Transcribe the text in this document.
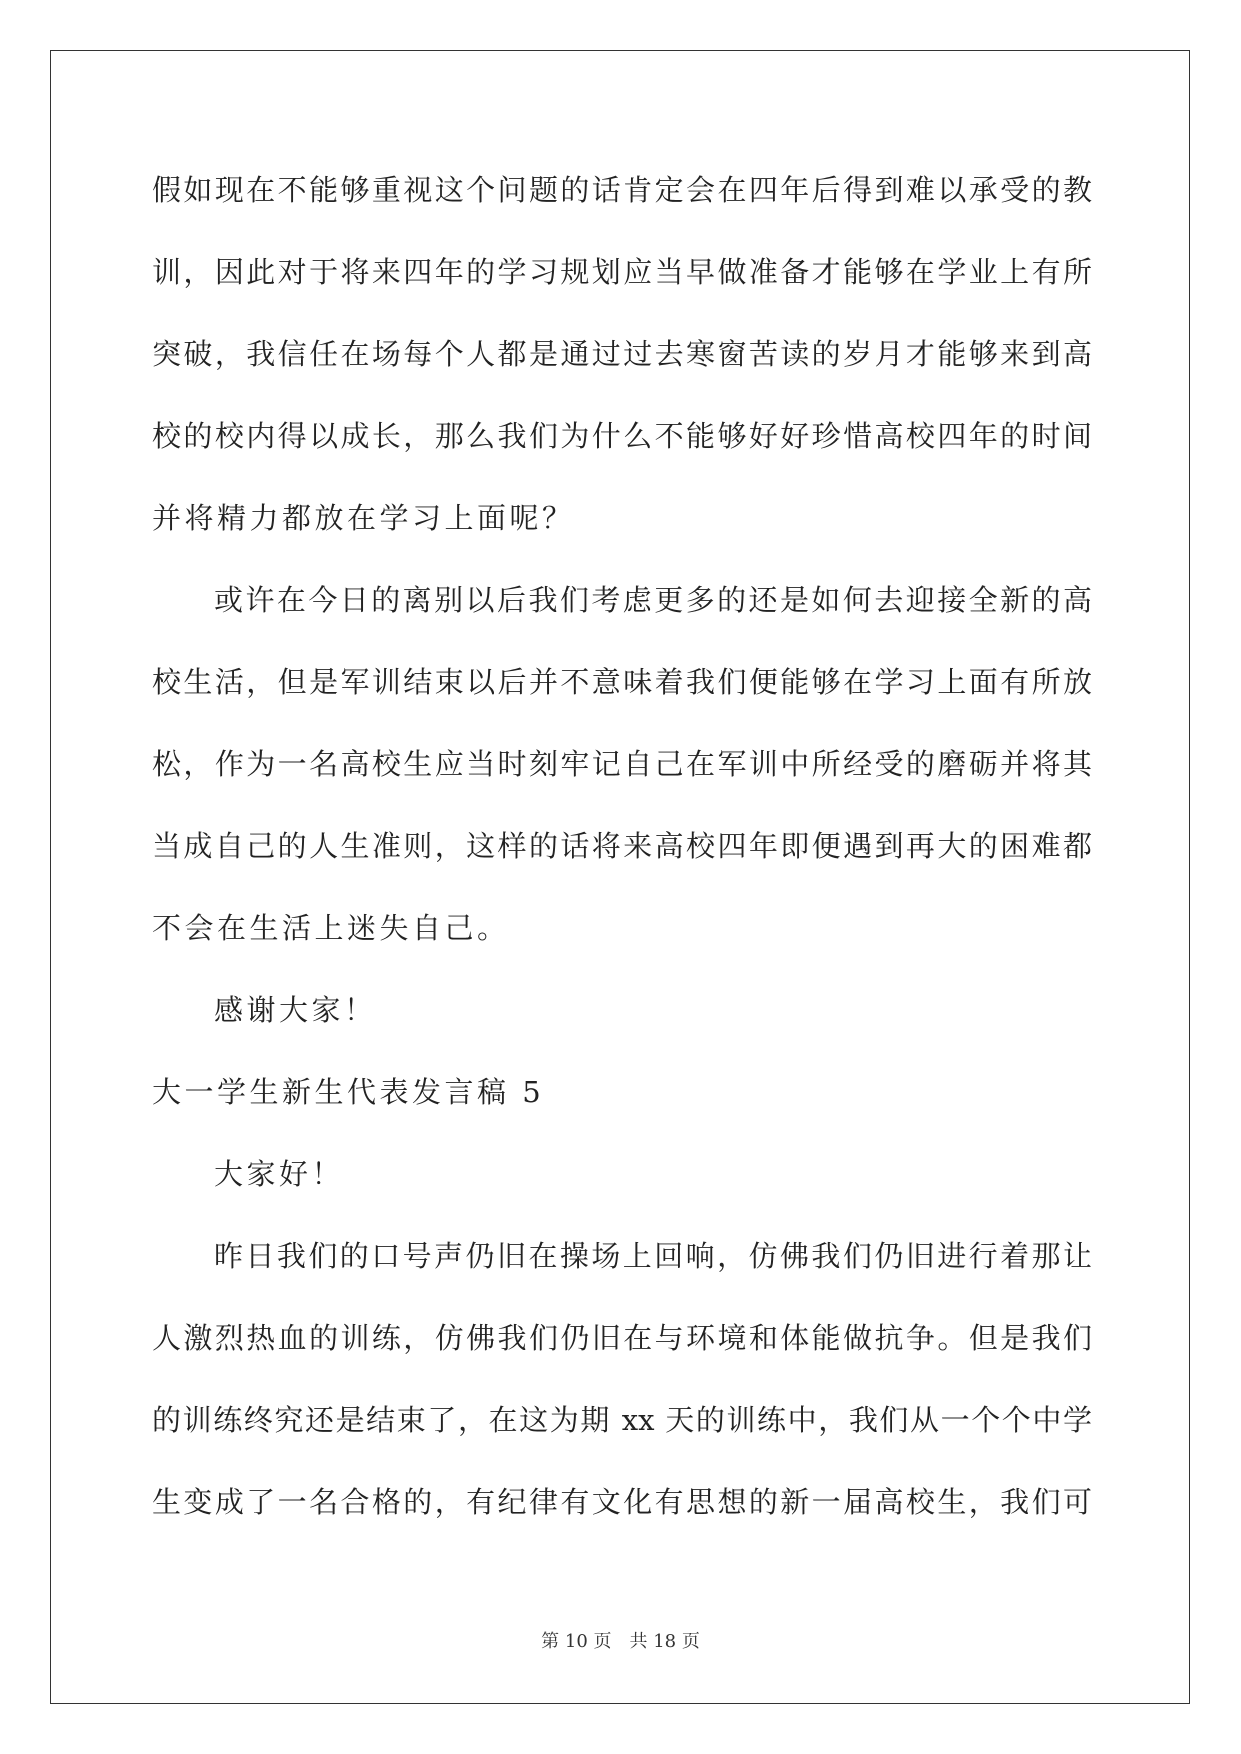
假如现在不能够重视这个问题的话肯定会在四年后得到难以承受的教
训，因此对于将来四年的学习规划应当早做准备才能够在学业上有所
突破，我信任在场每个人都是通过过去寒窗苦读的岁月才能够来到高
校的校内得以成长，那么我们为什么不能够好好珍惜高校四年的时间
并将精力都放在学习上面呢？
或许在今日的离别以后我们考虑更多的还是如何去迎接全新的高
校生活，但是军训结束以后并不意味着我们便能够在学习上面有所放
松，作为一名高校生应当时刻牢记自己在军训中所经受的磨砺并将其
当成自己的人生准则，这样的话将来高校四年即便遇到再大的困难都
不会在生活上迷失自己。
感谢大家！
大一学生新生代表发言稿 5
大家好！
昨日我们的口号声仍旧在操场上回响，仿佛我们仍旧进行着那让
人激烈热血的训练，仿佛我们仍旧在与环境和体能做抗争。但是我们
的训练终究还是结束了，在这为期 xx 天的训练中，我们从一个个中学
生变成了一名合格的，有纪律有文化有思想的新一届高校生，我们可
第 10 页　共 18 页
